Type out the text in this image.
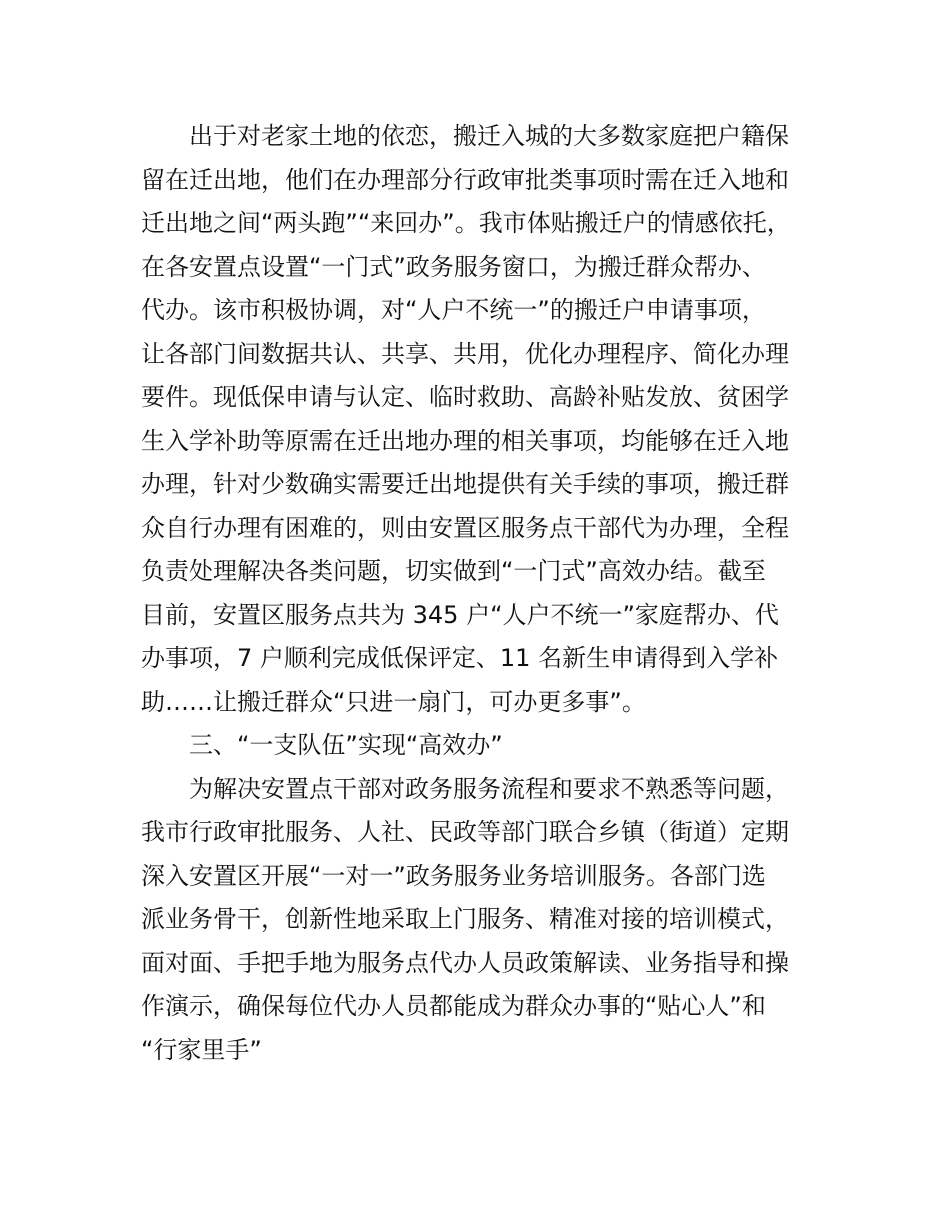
出于对老家土地的依恋，搬迁入城的大多数家庭把户籍保
留在迁出地，他们在办理部分行政审批类事项时需在迁入地和
迁出地之间“两头跑”“来回办”。我市体贴搬迁户的情感依托，
在各安置点设置“一门式”政务服务窗口，为搬迁群众帮办、
代办。该市积极协调，对“人户不统一”的搬迁户申请事项，
让各部门间数据共认、共享、共用，优化办理程序、简化办理
要件。现低保申请与认定、临时救助、高龄补贴发放、贫困学
生入学补助等原需在迁出地办理的相关事项，均能够在迁入地
办理，针对少数确实需要迁出地提供有关手续的事项，搬迁群
众自行办理有困难的，则由安置区服务点干部代为办理，全程
负责处理解决各类问题，切实做到“一门式”高效办结。截至
目前，安置区服务点共为 345 户“人户不统一”家庭帮办、代
办事项，7 户顺利完成低保评定、11 名新生申请得到入学补
助……让搬迁群众“只进一扇门，可办更多事”。

三、“一支队伍”实现“高效办”

为解决安置点干部对政务服务流程和要求不熟悉等问题，
我市行政审批服务、人社、民政等部门联合乡镇（街道）定期
深入安置区开展“一对一”政务服务业务培训服务。各部门选
派业务骨干，创新性地采取上门服务、精准对接的培训模式，
面对面、手把手地为服务点代办人员政策解读、业务指导和操
作演示，确保每位代办人员都能成为群众办事的“贴心人”和
“行家里手”
